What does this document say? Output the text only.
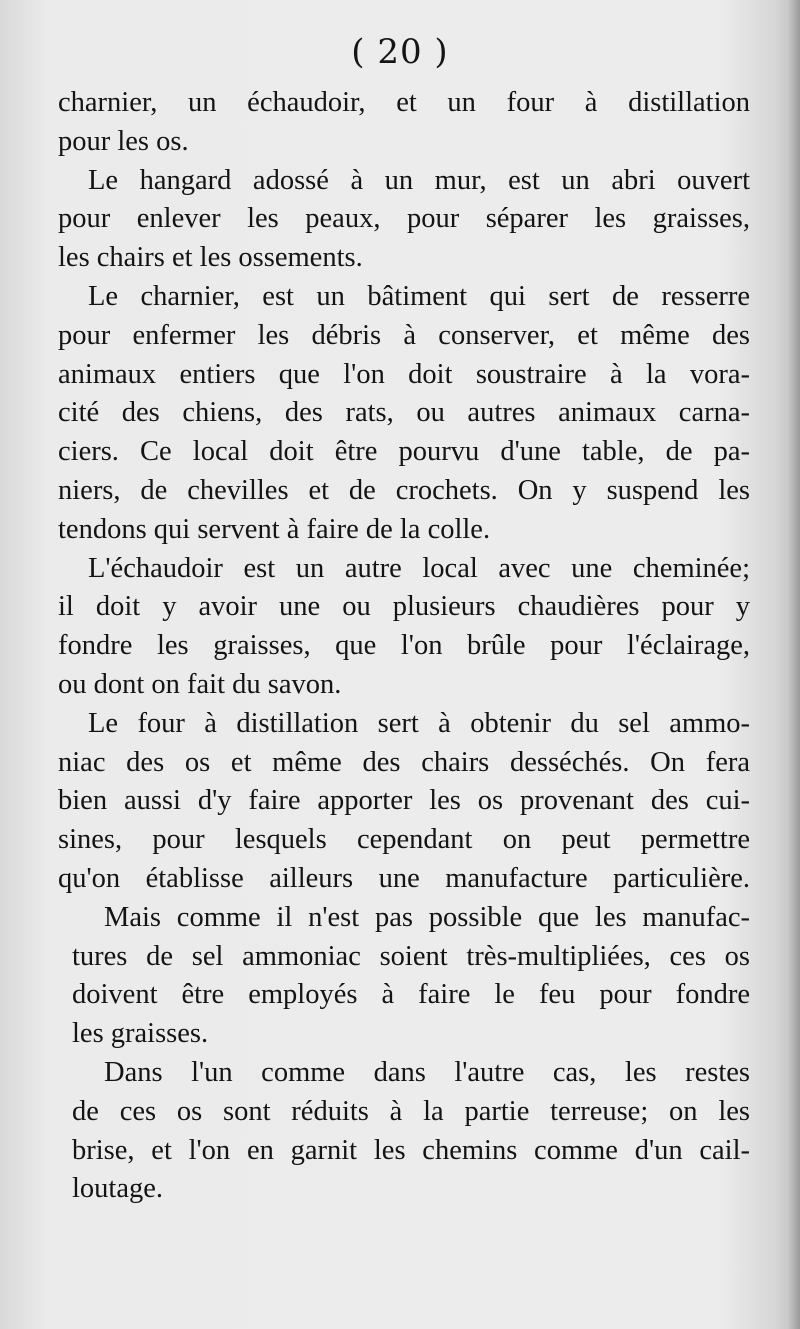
( 20 )
charnier, un échaudoir, et un four à distillation
pour les os.
Le hangard adossé à un mur, est un abri ouvert
pour enlever les peaux, pour séparer les graisses,
les chairs et les ossements.
Le charnier, est un bâtiment qui sert de resserre
pour enfermer les débris à conserver, et même des
animaux entiers que l'on doit soustraire à la vora-
cité des chiens, des rats, ou autres animaux carna-
ciers. Ce local doit être pourvu d'une table, de pa-
niers, de chevilles et de crochets. On y suspend les
tendons qui servent à faire de la colle.
L'échaudoir est un autre local avec une cheminée;
il doit y avoir une ou plusieurs chaudières pour y
fondre les graisses, que l'on brûle pour l'éclairage,
ou dont on fait du savon.
Le four à distillation sert à obtenir du sel ammo-
niac des os et même des chairs desséchés. On fera
bien aussi d'y faire apporter les os provenant des cui-
sines, pour lesquels cependant on peut permettre
qu'on établisse ailleurs une manufacture particulière.
Mais comme il n'est pas possible que les manufac-
tures de sel ammoniac soient très-multipliées, ces os
doivent être employés à faire le feu pour fondre
les graisses.
Dans l'un comme dans l'autre cas, les restes
de ces os sont réduits à la partie terreuse; on les
brise, et l'on en garnit les chemins comme d'un cail-
loutage.
